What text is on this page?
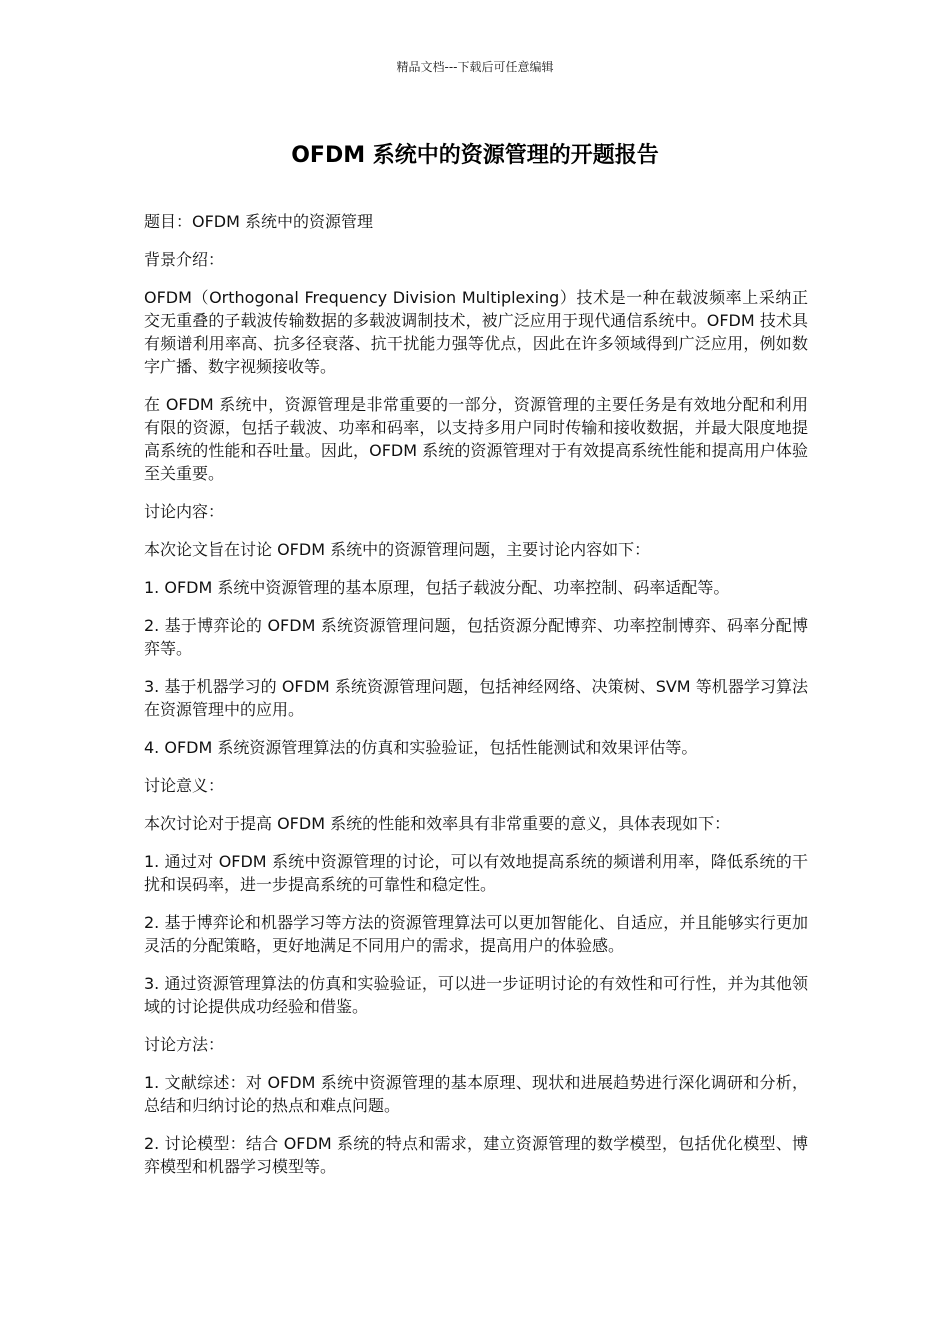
精品文档---下载后可任意编辑
OFDM 系统中的资源管理的开题报告

题目：OFDM 系统中的资源管理

背景介绍：

OFDM（Orthogonal Frequency Division Multiplexing）技术是一种在载波频率上采纳正交无重叠的子载波传输数据的多载波调制技术，被广泛应用于现代通信系统中。OFDM 技术具有频谱利用率高、抗多径衰落、抗干扰能力强等优点，因此在许多领域得到广泛应用，例如数字广播、数字视频接收等。

在 OFDM 系统中，资源管理是非常重要的一部分，资源管理的主要任务是有效地分配和利用有限的资源，包括子载波、功率和码率，以支持多用户同时传输和接收数据，并最大限度地提高系统的性能和吞吐量。因此，OFDM 系统的资源管理对于有效提高系统性能和提高用户体验至关重要。

讨论内容：

本次论文旨在讨论 OFDM 系统中的资源管理问题，主要讨论内容如下：

1. OFDM 系统中资源管理的基本原理，包括子载波分配、功率控制、码率适配等。

2. 基于博弈论的 OFDM 系统资源管理问题，包括资源分配博弈、功率控制博弈、码率分配博弈等。

3. 基于机器学习的 OFDM 系统资源管理问题，包括神经网络、决策树、SVM 等机器学习算法在资源管理中的应用。

4. OFDM 系统资源管理算法的仿真和实验验证，包括性能测试和效果评估等。

讨论意义：

本次讨论对于提高 OFDM 系统的性能和效率具有非常重要的意义，具体表现如下：

1. 通过对 OFDM 系统中资源管理的讨论，可以有效地提高系统的频谱利用率，降低系统的干扰和误码率，进一步提高系统的可靠性和稳定性。

2. 基于博弈论和机器学习等方法的资源管理算法可以更加智能化、自适应，并且能够实行更加灵活的分配策略，更好地满足不同用户的需求，提高用户的体验感。

3. 通过资源管理算法的仿真和实验验证，可以进一步证明讨论的有效性和可行性，并为其他领域的讨论提供成功经验和借鉴。

讨论方法：

1. 文献综述：对 OFDM 系统中资源管理的基本原理、现状和进展趋势进行深化调研和分析，总结和归纳讨论的热点和难点问题。

2. 讨论模型：结合 OFDM 系统的特点和需求，建立资源管理的数学模型，包括优化模型、博弈模型和机器学习模型等。
